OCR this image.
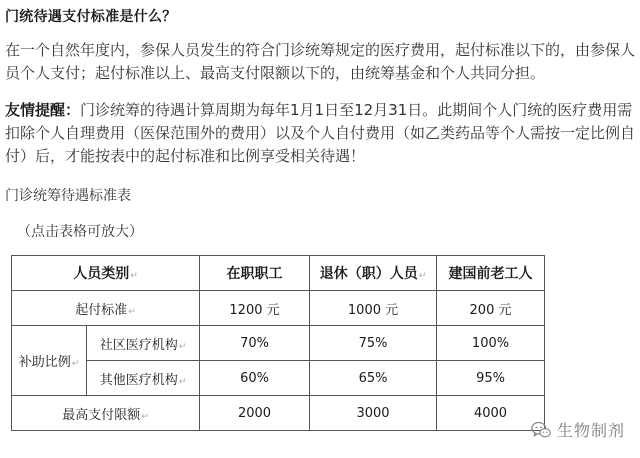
门统待遇支付标准是什么？

在一个自然年度内，参保人员发生的符合门诊统筹规定的医疗费用，起付标准以下的，由参保人员个人支付；起付标准以上、最高支付限额以下的，由统筹基金和个人共同分担。

友情提醒：门诊统筹的待遇计算周期为每年1月1日至12月31日。此期间个人门统的医疗费用需扣除个人自理费用（医保范围外的费用）以及个人自付费用（如乙类药品等个人需按一定比例自付）后，才能按表中的起付标准和比例享受相关待遇！

门诊统筹待遇标准表
（点击表格可放大）
人员类别↵		在职职工	退休（职）人员↵	建国前老工人
起付标准↵		1200 元	1000 元	200 元
补助比例↵	社区医疗机构↵	70%	75%	100%
	其他医疗机构↵	60%	65%	95%
最高支付限额↵		2000	3000	4000
生物制剂
